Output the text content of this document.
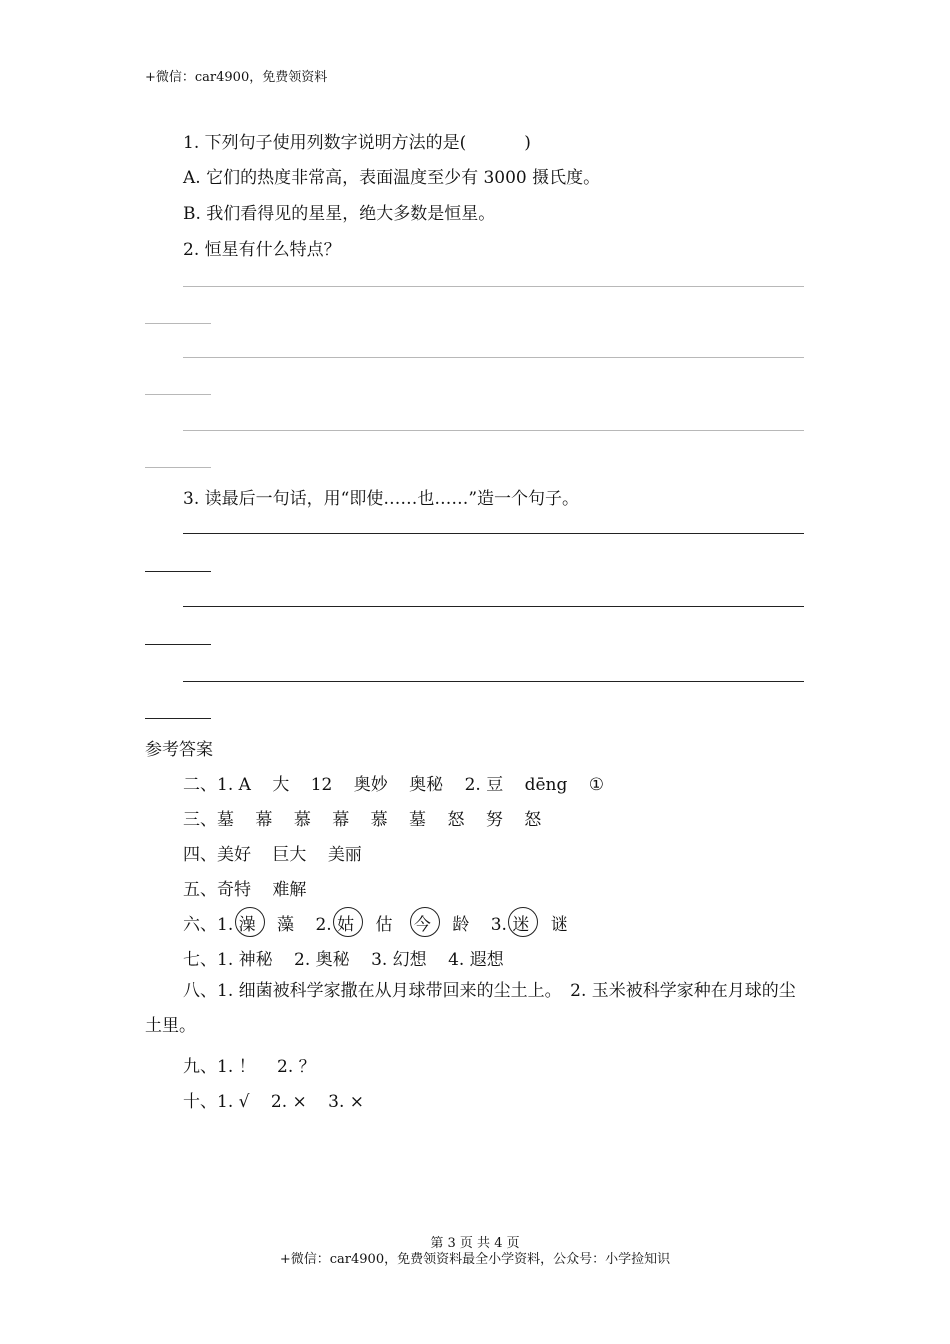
+微信：car4900，免费领资料
1. 下列句子使用列数字说明方法的是(	)
A. 它们的热度非常高，表面温度至少有 3000 摄氏度。
B. 我们看得见的星星，绝大多数是恒星。
2. 恒星有什么特点？
3. 读最后一句话，用“即使……也……”造一个句子。
参考答案
二、1. A 大 12 奥妙 奥秘 2. 豆 dēng ①
三、墓 幕 慕 幕 慕 墓 怒 努 怒
四、美好 巨大 美丽
五、奇特 难解
六、1. 澡 藻 2. 姑 估 今 龄 3. 迷 谜
七、1. 神秘 2. 奥秘 3. 幻想 4. 遐想
八、1. 细菌被科学家撒在从月球带回来的尘土上。　2. 玉米被科学家种在月球的尘土里。
九、1. ！ 2. ？
十、1. √ 2. × 3. ×
第 3 页 共 4 页
+微信：car4900，免费领资料最全小学资料，公众号：小学捡知识
